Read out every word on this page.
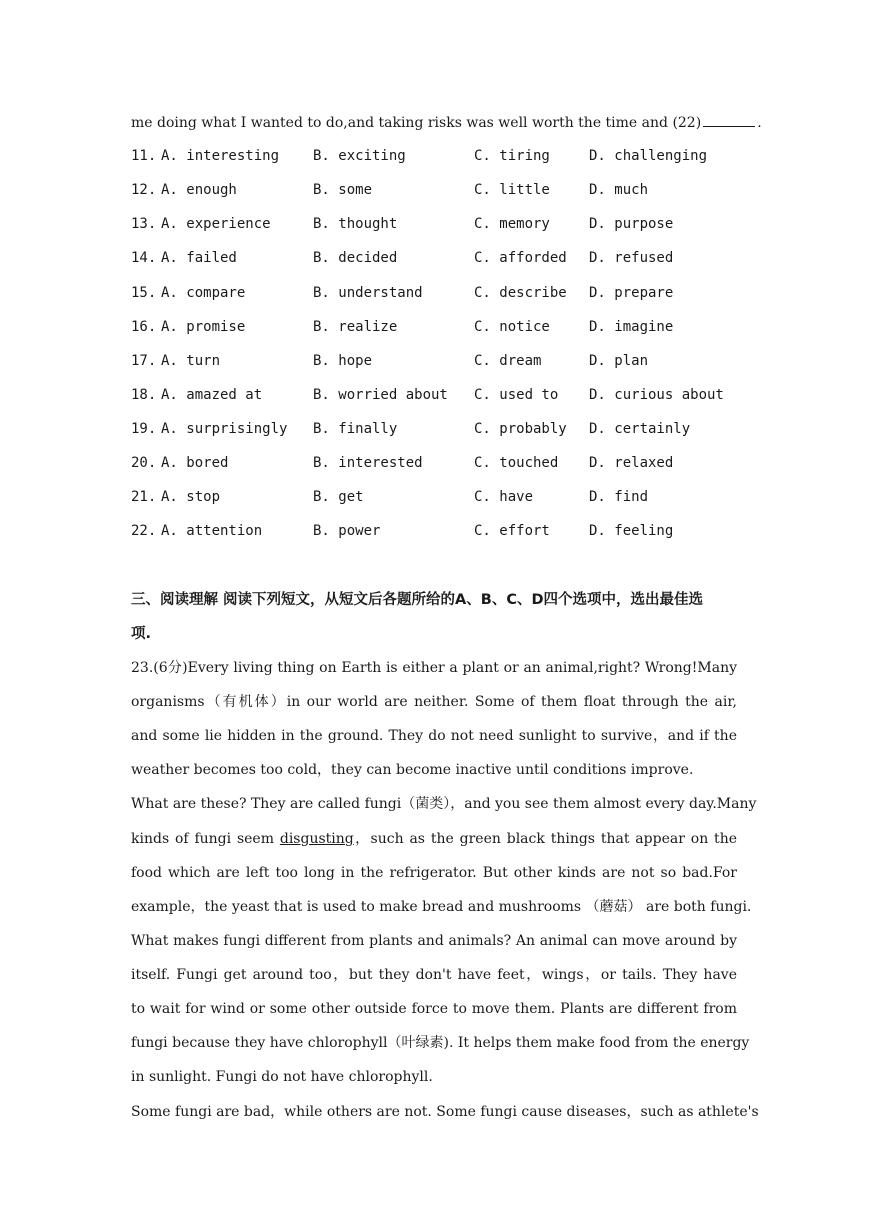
me doing what I wanted to do,and taking risks was well worth the time and (22)	.
11. A. interesting B. exciting	C. tiring	D. challenging
12. A. enough	B. some	C. little	D. much
13. A. experience	B. thought	C. memory	D. purpose
14. A. failed	B. decided	C. afforded D. refused
15. A. compare	B. understand	C. describe D. prepare
16. A. promise	B. realize	C. notice	D. imagine
17. A. turn	B. hope	C. dream	D. plan
18. A. amazed at	B. worried about C. used to D. curious about
19. A. surprisingly B. finally	C. probably D. certainly
20. A. bored	B. interested	C. touched D. relaxed
21. A. stop	B. get	C. have	D. find
22. A. attention	B. power	C. effort	D. feeling
三、阅读理解 阅读下列短文，从短文后各题所给的A、B、C、D四个选项中，选出最佳选
项.
23.(6分)Every living thing on Earth is either a plant or an animal,right? Wrong!Many
organisms（有机体）in our world are neither. Some of them float through the air,
and some lie hidden in the ground. They do not need sunlight to survive，and if the
weather becomes too cold，they can become inactive until conditions improve.
What are these? They are called fungi（菌类），and you see them almost every day.Many
kinds of fungi seem disgusting，such as the green black things that appear on the
food which are left too long in the refrigerator. But other kinds are not so bad.For
example，the yeast that is used to make bread and mushrooms （蘑菇） are both fungi.
What makes fungi different from plants and animals? An animal can move around by
itself. Fungi get around too，but they don't have feet，wings，or tails. They have
to wait for wind or some other outside force to move them. Plants are different from
fungi because they have chlorophyll（叶绿素). It helps them make food from the energy
in sunlight. Fungi do not have chlorophyll.
Some fungi are bad，while others are not. Some fungi cause diseases，such as athlete's
